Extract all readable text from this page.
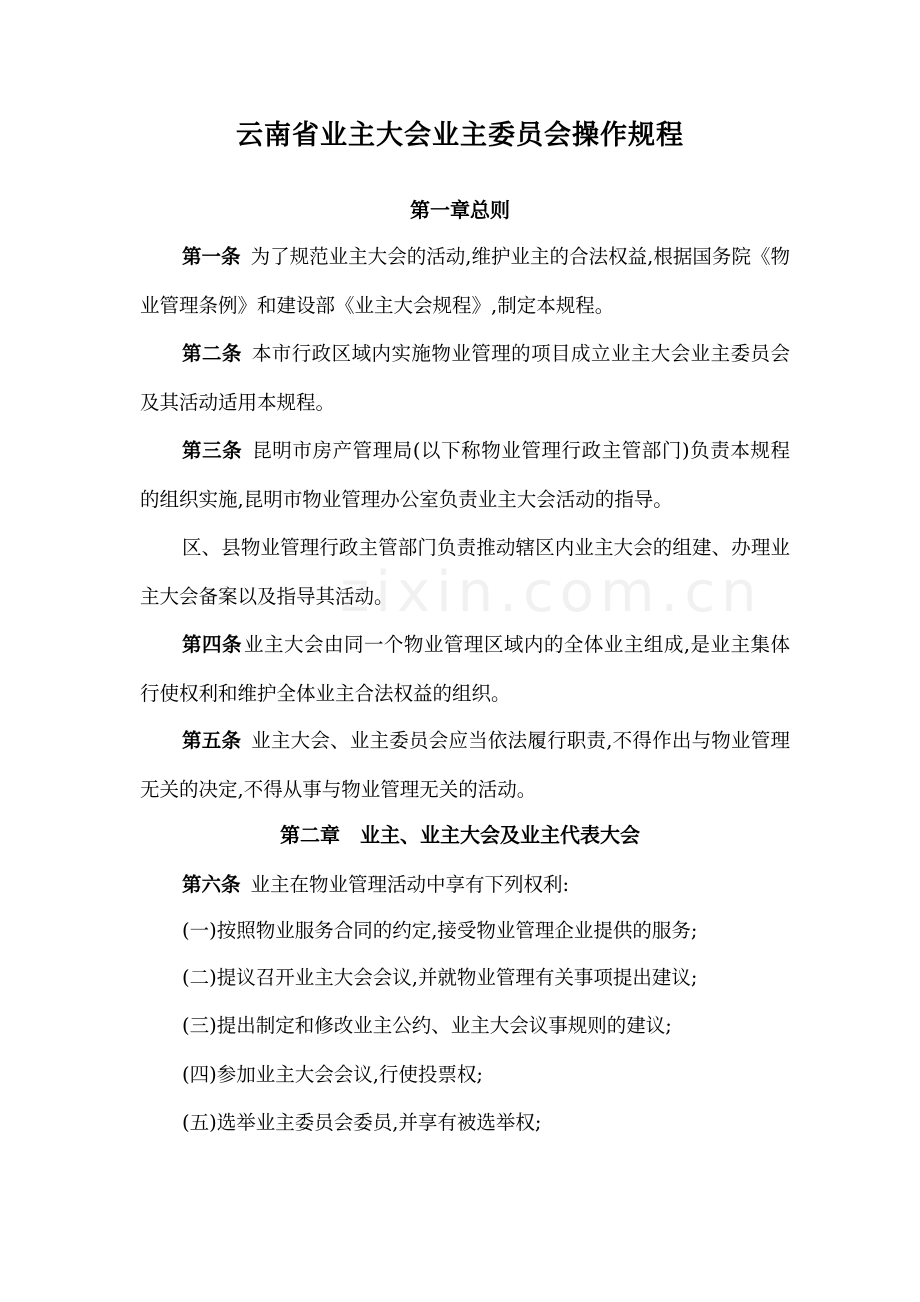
zixin.com.cn
云南省业主大会业主委员会操作规程
第一章总则
第一条 为了规范业主大会的活动,维护业主的合法权益,根据国务院《物业管理条例》和建设部《业主大会规程》,制定本规程。
第二条 本市行政区域内实施物业管理的项目成立业主大会业主委员会及其活动适用本规程。
第三条 昆明市房产管理局(以下称物业管理行政主管部门)负责本规程的组织实施,昆明市物业管理办公室负责业主大会活动的指导。
区、县物业管理行政主管部门负责推动辖区内业主大会的组建、办理业主大会备案以及指导其活动。
第四条 业主大会由同一个物业管理区域内的全体业主组成,是业主集体行使权利和维护全体业主合法权益的组织。
第五条 业主大会、业主委员会应当依法履行职责,不得作出与物业管理无关的决定,不得从事与物业管理无关的活动。
第二章　业主、业主大会及业主代表大会
第六条 业主在物业管理活动中享有下列权利:
(一)按照物业服务合同的约定,接受物业管理企业提供的服务;
(二)提议召开业主大会会议,并就物业管理有关事项提出建议;
(三)提出制定和修改业主公约、业主大会议事规则的建议;
(四)参加业主大会会议,行使投票权;
(五)选举业主委员会委员,并享有被选举权;
